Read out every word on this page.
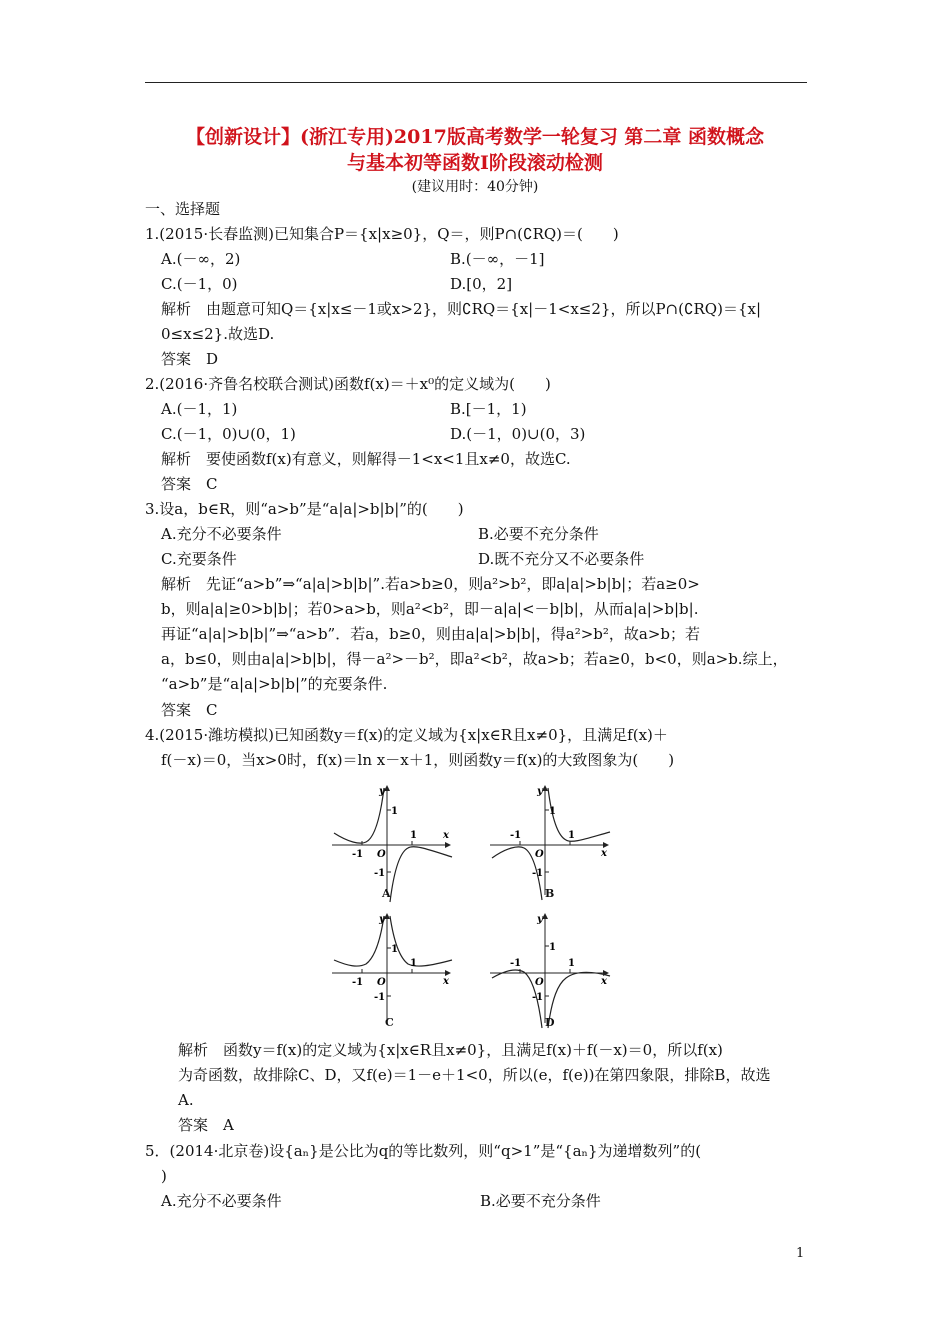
【创新设计】(浙江专用)2017版高考数学一轮复习 第二章 函数概念
与基本初等函数Ⅰ阶段滚动检测
(建议用时：40分钟)
一、选择题
1.(2015·长春监测)已知集合P＝{x|x≥0}，Q＝，则P∩(∁RQ)＝(　　)
A.(－∞，2)	B.(－∞，－1]
C.(－1，0)	D.[0，2]
解析　由题意可知Q＝{x|x≤－1或x>2}，则∁RQ＝{x|－1<x≤2}，所以P∩(∁RQ)＝{x|
0≤x≤2}.故选D.
答案　D
2.(2016·齐鲁名校联合测试)函数f(x)＝＋x⁰的定义域为(　　)
A.(－1，1)	B.[－1，1)
C.(－1，0)∪(0，1)	D.(－1，0)∪(0，3)
解析　要使函数f(x)有意义，则解得－1<x<1且x≠0，故选C.
答案　C
3.设a，b∈R，则“a>b”是“a|a|>b|b|”的(　　)
A.充分不必要条件	B.必要不充分条件
C.充要条件	D.既不充分又不必要条件
解析　先证“a>b”⇒“a|a|>b|b|”.若a>b≥0，则a²>b²，即a|a|>b|b|；若a≥0>
b，则a|a|≥0>b|b|；若0>a>b，则a²<b²，即－a|a|<－b|b|，从而a|a|>b|b|.
再证“a|a|>b|b|”⇒“a>b”．若a，b≥0，则由a|a|>b|b|，得a²>b²，故a>b；若
a，b≤0，则由a|a|>b|b|，得－a²>－b²，即a²<b²，故a>b；若a≥0，b<0，则a>b.综上，
“a>b”是“a|a|>b|b|”的充要条件.
答案　C
4.(2015·潍坊模拟)已知函数y＝f(x)的定义域为{x|x∈R且x≠0}，且满足f(x)＋
f(－x)＝0，当x>0时，f(x)＝ln x－x＋1，则函数y＝f(x)的大致图象为(　　)
y
x
O
1
-1
1
-1
A
y
x
O
1
-1
1
-1
B
y
x
O
1
-1
1
-1
C
y
x
O
1
-1
1
-1
D
解析　函数y＝f(x)的定义域为{x|x∈R且x≠0}，且满足f(x)＋f(－x)＝0，所以f(x)
为奇函数，故排除C、D，又f(e)＝1－e＋1<0，所以(e，f(e))在第四象限，排除B，故选
A.
答案　A
5．(2014·北京卷)设{aₙ}是公比为q的等比数列，则“q>1”是“{aₙ}为递增数列”的(
)
A.充分不必要条件	B.必要不充分条件
1
